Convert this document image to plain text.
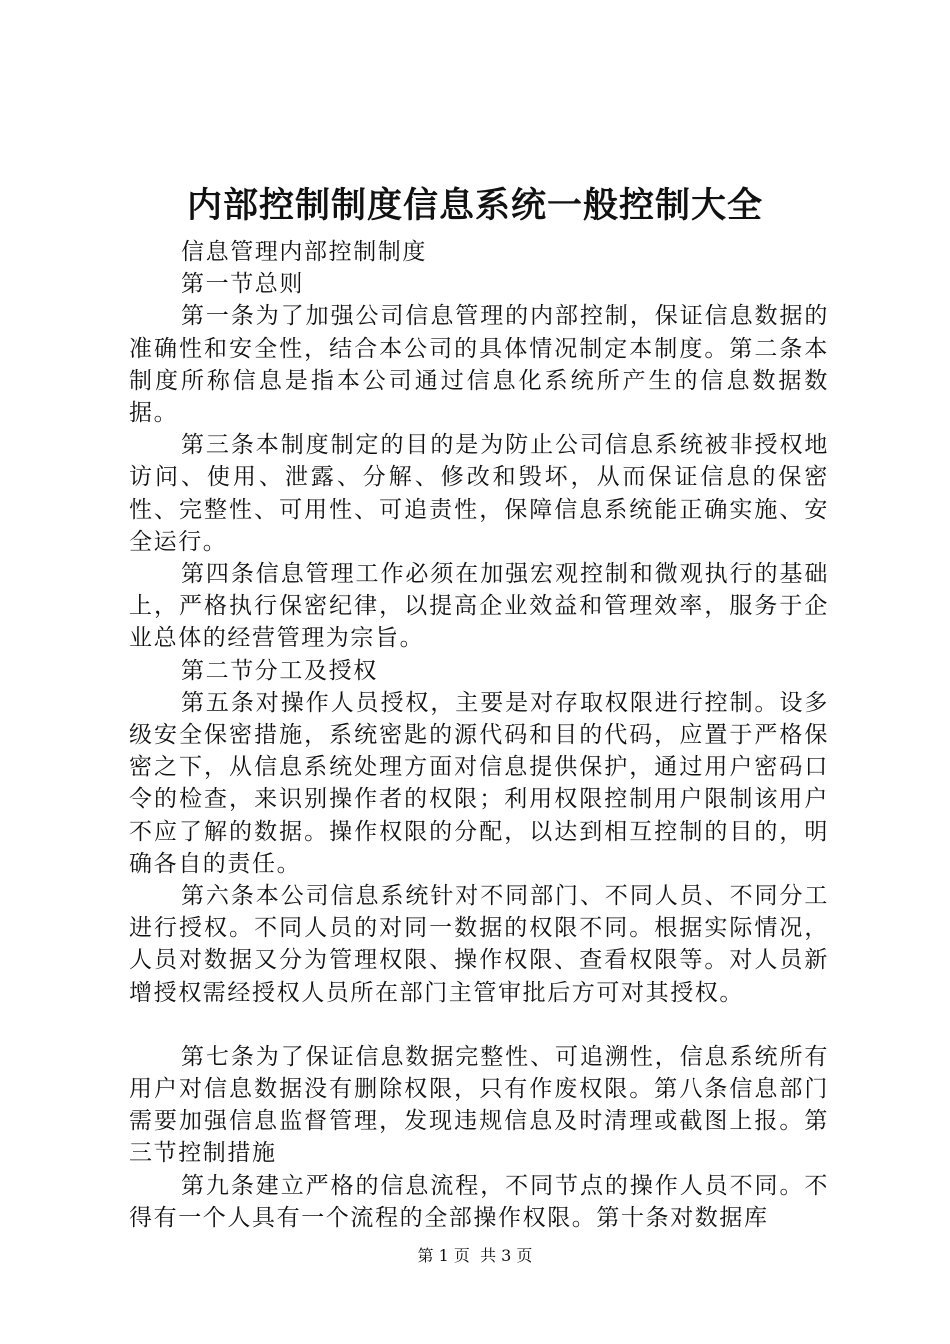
内部控制制度信息系统一般控制大全

信息管理内部控制制度

第一节总则

第一条为了加强公司信息管理的内部控制，保证信息数据的准确性和安全性，结合本公司的具体情况制定本制度。第二条本制度所称信息是指本公司通过信息化系统所产生的信息数据数据。

第三条本制度制定的目的是为防止公司信息系统被非授权地访问、使用、泄露、分解、修改和毁坏，从而保证信息的保密性、完整性、可用性、可追责性，保障信息系统能正确实施、安全运行。

第四条信息管理工作必须在加强宏观控制和微观执行的基础上，严格执行保密纪律，以提高企业效益和管理效率，服务于企业总体的经营管理为宗旨。

第二节分工及授权

第五条对操作人员授权，主要是对存取权限进行控制。设多级安全保密措施，系统密匙的源代码和目的代码，应置于严格保密之下，从信息系统处理方面对信息提供保护，通过用户密码口令的检查，来识别操作者的权限；利用权限控制用户限制该用户不应了解的数据。操作权限的分配，以达到相互控制的目的，明确各自的责任。

第六条本公司信息系统针对不同部门、不同人员、不同分工进行授权。不同人员的对同一数据的权限不同。根据实际情况，人员对数据又分为管理权限、操作权限、查看权限等。对人员新增授权需经授权人员所在部门主管审批后方可对其授权。

第七条为了保证信息数据完整性、可追溯性，信息系统所有用户对信息数据没有删除权限，只有作废权限。第八条信息部门需要加强信息监督管理，发现违规信息及时清理或截图上报。第三节控制措施

第九条建立严格的信息流程，不同节点的操作人员不同。不得有一个人具有一个流程的全部操作权限。第十条对数据库

第 1 页  共 3 页
